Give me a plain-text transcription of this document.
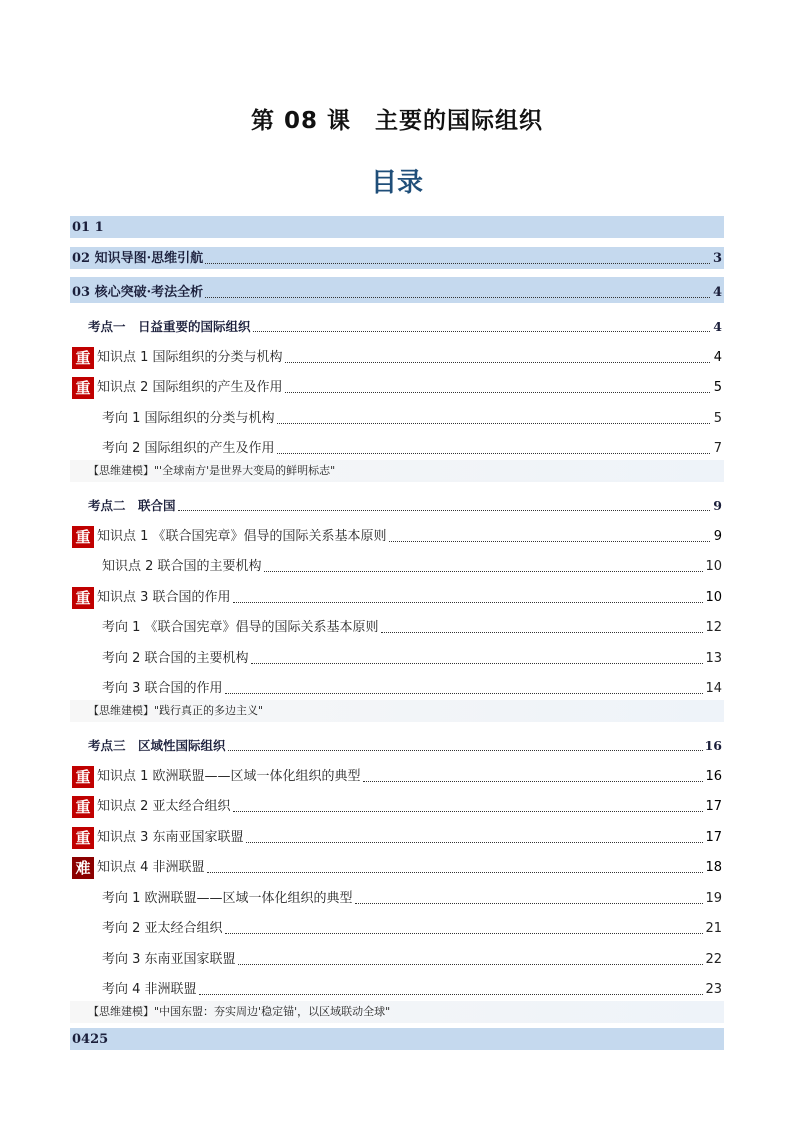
第 08 课　主要的国际组织
目录
01 1
02 知识导图·思维引航	3
03 核心突破·考法全析	4
考点一　日益重要的国际组织	4
重 知识点 1 国际组织的分类与机构	4
重 知识点 2 国际组织的产生及作用	5
考向 1 国际组织的分类与机构	5
考向 2 国际组织的产生及作用	7
【思维建模】"'全球南方'是世界大变局的鲜明标志"
考点二　联合国	9
重 知识点 1 《联合国宪章》倡导的国际关系基本原则	9
知识点 2 联合国的主要机构	10
重 知识点 3 联合国的作用	10
考向 1 《联合国宪章》倡导的国际关系基本原则	12
考向 2 联合国的主要机构	13
考向 3 联合国的作用	14
【思维建模】"践行真正的多边主义"
考点三　区域性国际组织	16
重 知识点 1 欧洲联盟——区域一体化组织的典型	16
重 知识点 2 亚太经合组织	17
重 知识点 3 东南亚国家联盟	17
难 知识点 4 非洲联盟	18
考向 1 欧洲联盟——区域一体化组织的典型	19
考向 2 亚太经合组织	21
考向 3 东南亚国家联盟	22
考向 4 非洲联盟	23
【思维建模】"中国东盟：夯实周边'稳定锚'，以区域联动全球"
0425
